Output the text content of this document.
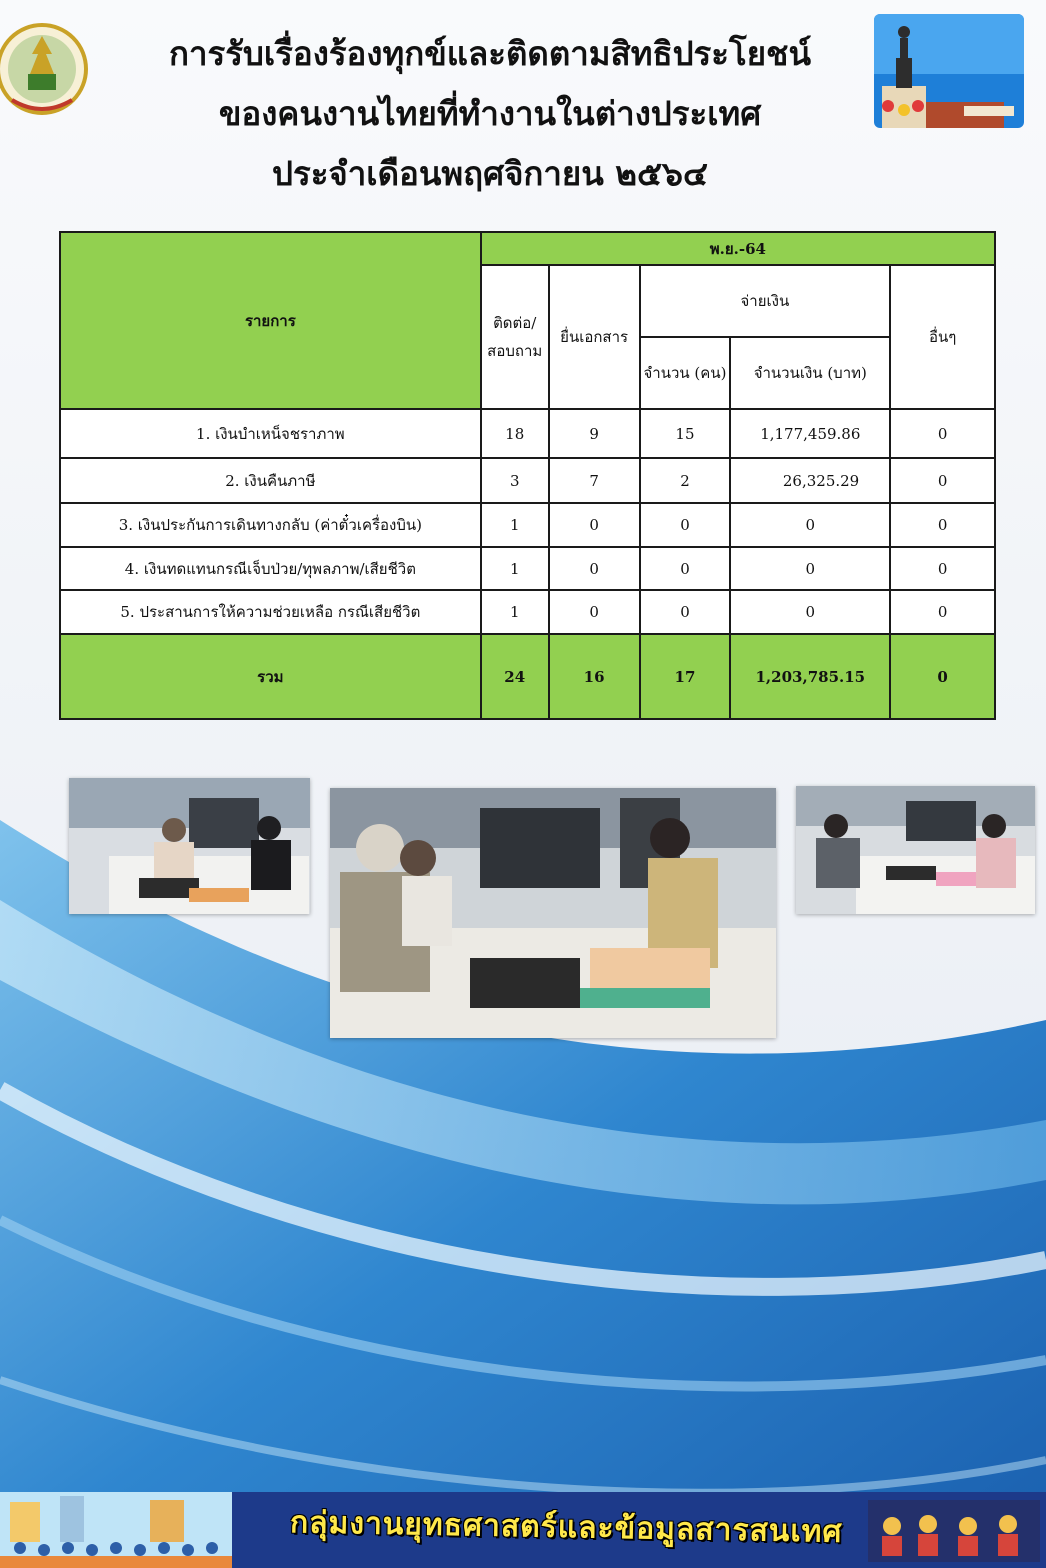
การรับเรื่องร้องทุกข์และติดตามสิทธิประโยชน์
ของคนงานไทยที่ทำงานในต่างประเทศ
ประจำเดือนพฤศจิกายน ๒๕๖๔
รายการ	พ.ย.-64				
	ติดต่อ/ สอบถาม	ยื่นเอกสาร	จ่ายเงิน		อื่นๆ
			จำนวน (คน)	จำนวนเงิน (บาท)	
1. เงินบำเหน็จชราภาพ	18	9	15	1,177,459.86	0
2. เงินคืนภาษี	3	7	2	26,325.29	0
3. เงินประกันการเดินทางกลับ (ค่าตั๋วเครื่องบิน)	1	0	0	0	0
4. เงินทดแทนกรณีเจ็บป่วย/ทุพลภาพ/เสียชีวิต	1	0	0	0	0
5. ประสานการให้ความช่วยเหลือ กรณีเสียชีวิต	1	0	0	0	0
รวม	24	16	17	1,203,785.15	0
กลุ่มงานยุทธศาสตร์และข้อมูลสารสนเทศ
